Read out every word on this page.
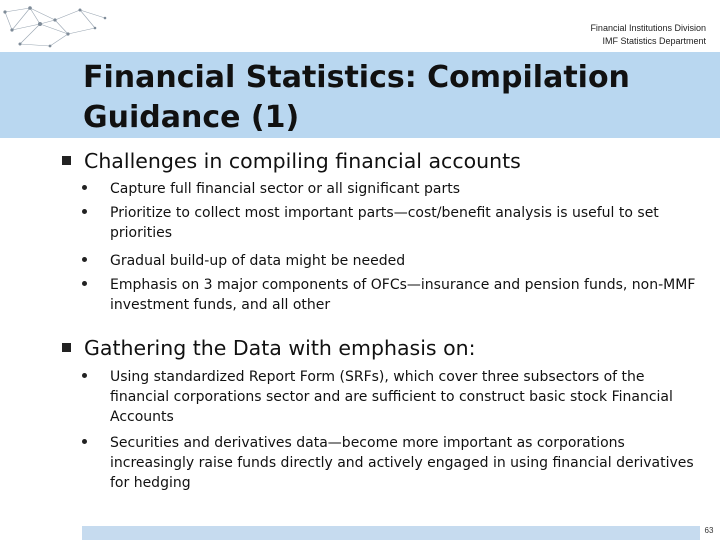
Financial Institutions Division
IMF Statistics Department
Financial Statistics: Compilation Guidance (1)
Challenges in compiling financial accounts
Capture full financial sector or all significant parts
Prioritize to collect most important parts—cost/benefit analysis is useful to set priorities
Gradual build-up of data might be needed
Emphasis on 3 major components of OFCs—insurance and pension funds, non-MMF investment funds, and all other
Gathering the Data with emphasis on:
Using standardized Report Form (SRFs), which cover three subsectors of the financial corporations sector and are sufficient to construct basic stock Financial Accounts
Securities and derivatives data—become more important as corporations increasingly raise funds directly and actively engaged in using financial derivatives for hedging
63
